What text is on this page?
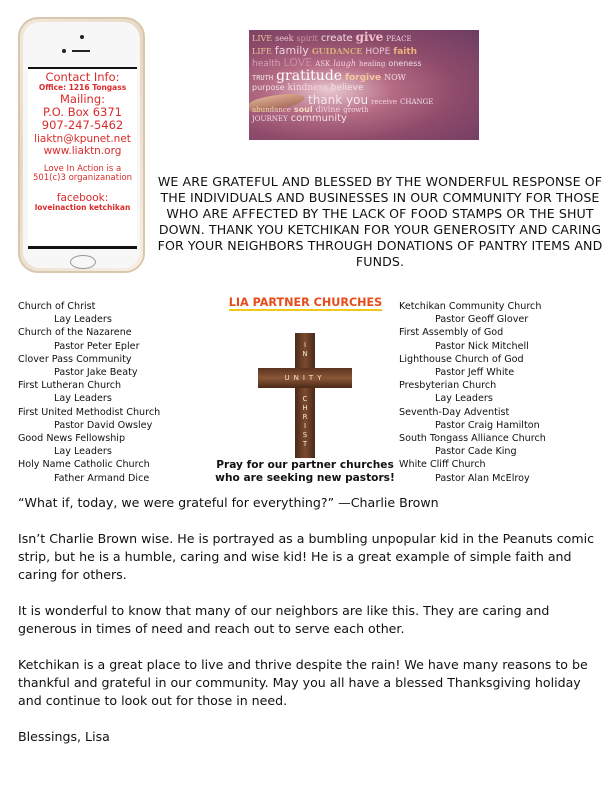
Contact Info:
Office: 1216 Tongass
Mailing:
P.O. Box 6371
907-247-5462
liaktn@kpunet.net
www.liaktn.org
Love In Action is a
501(c)3 organizanation
facebook:
loveinaction ketchikan
LIVE seek spirit create give PEACE
LIFE family GUIDANCE HOPE faith
health LOVE ASK laugh healing oneness
TRUTH gratitude forgive NOW
purpose kindness believe
thank you receive CHANGE
abundance soul divine growth
JOURNEY community
WE ARE GRATEFUL AND BLESSED BY THE WONDERFUL RESPONSE OF THE INDIVIDUALS AND BUSINESSES IN OUR COMMUNITY FOR THOSE WHO ARE AFFECTED BY THE LACK OF FOOD STAMPS OR THE SHUT DOWN. THANK YOU KETCHIKAN FOR YOUR GENEROSITY AND CARING FOR YOUR NEIGHBORS THROUGH DONATIONS OF PANTRY ITEMS AND FUNDS.
Church of Christ
Lay Leaders
Church of the Nazarene
Pastor Peter Epler
Clover Pass Community
Pastor Jake Beaty
First Lutheran Church
Lay Leaders
First United Methodist Church
Pastor David Owsley
Good News Fellowship
Lay Leaders
Holy Name Catholic Church
Father Armand Dice
LIA PARTNER CHURCHES
I
N
UNITY
C
H
R
I
S
T
Pray for our partner churches
who are seeking new pastors!
Ketchikan Community Church
Pastor Geoff Glover
First Assembly of God
Pastor Nick Mitchell
Lighthouse Church of God
Pastor Jeff White
Presbyterian Church
Lay Leaders
Seventh-Day Adventist
Pastor Craig Hamilton
South Tongass Alliance Church
Pastor Cade King
White Cliff Church
Pastor Alan McElroy

“What if, today, we were grateful for everything?” —Charlie Brown

Isn’t Charlie Brown wise. He is portrayed as a bumbling unpopular kid in the Peanuts comic strip, but he is a humble, caring and wise kid! He is a great example of simple faith and caring for others.

It is wonderful to know that many of our neighbors are like this. They are caring and generous in times of need and reach out to serve each other.

Ketchikan is a great place to live and thrive despite the rain! We have many reasons to be thankful and grateful in our community. May you all have a blessed Thanksgiving holiday and continue to look out for those in need.

Blessings, Lisa
